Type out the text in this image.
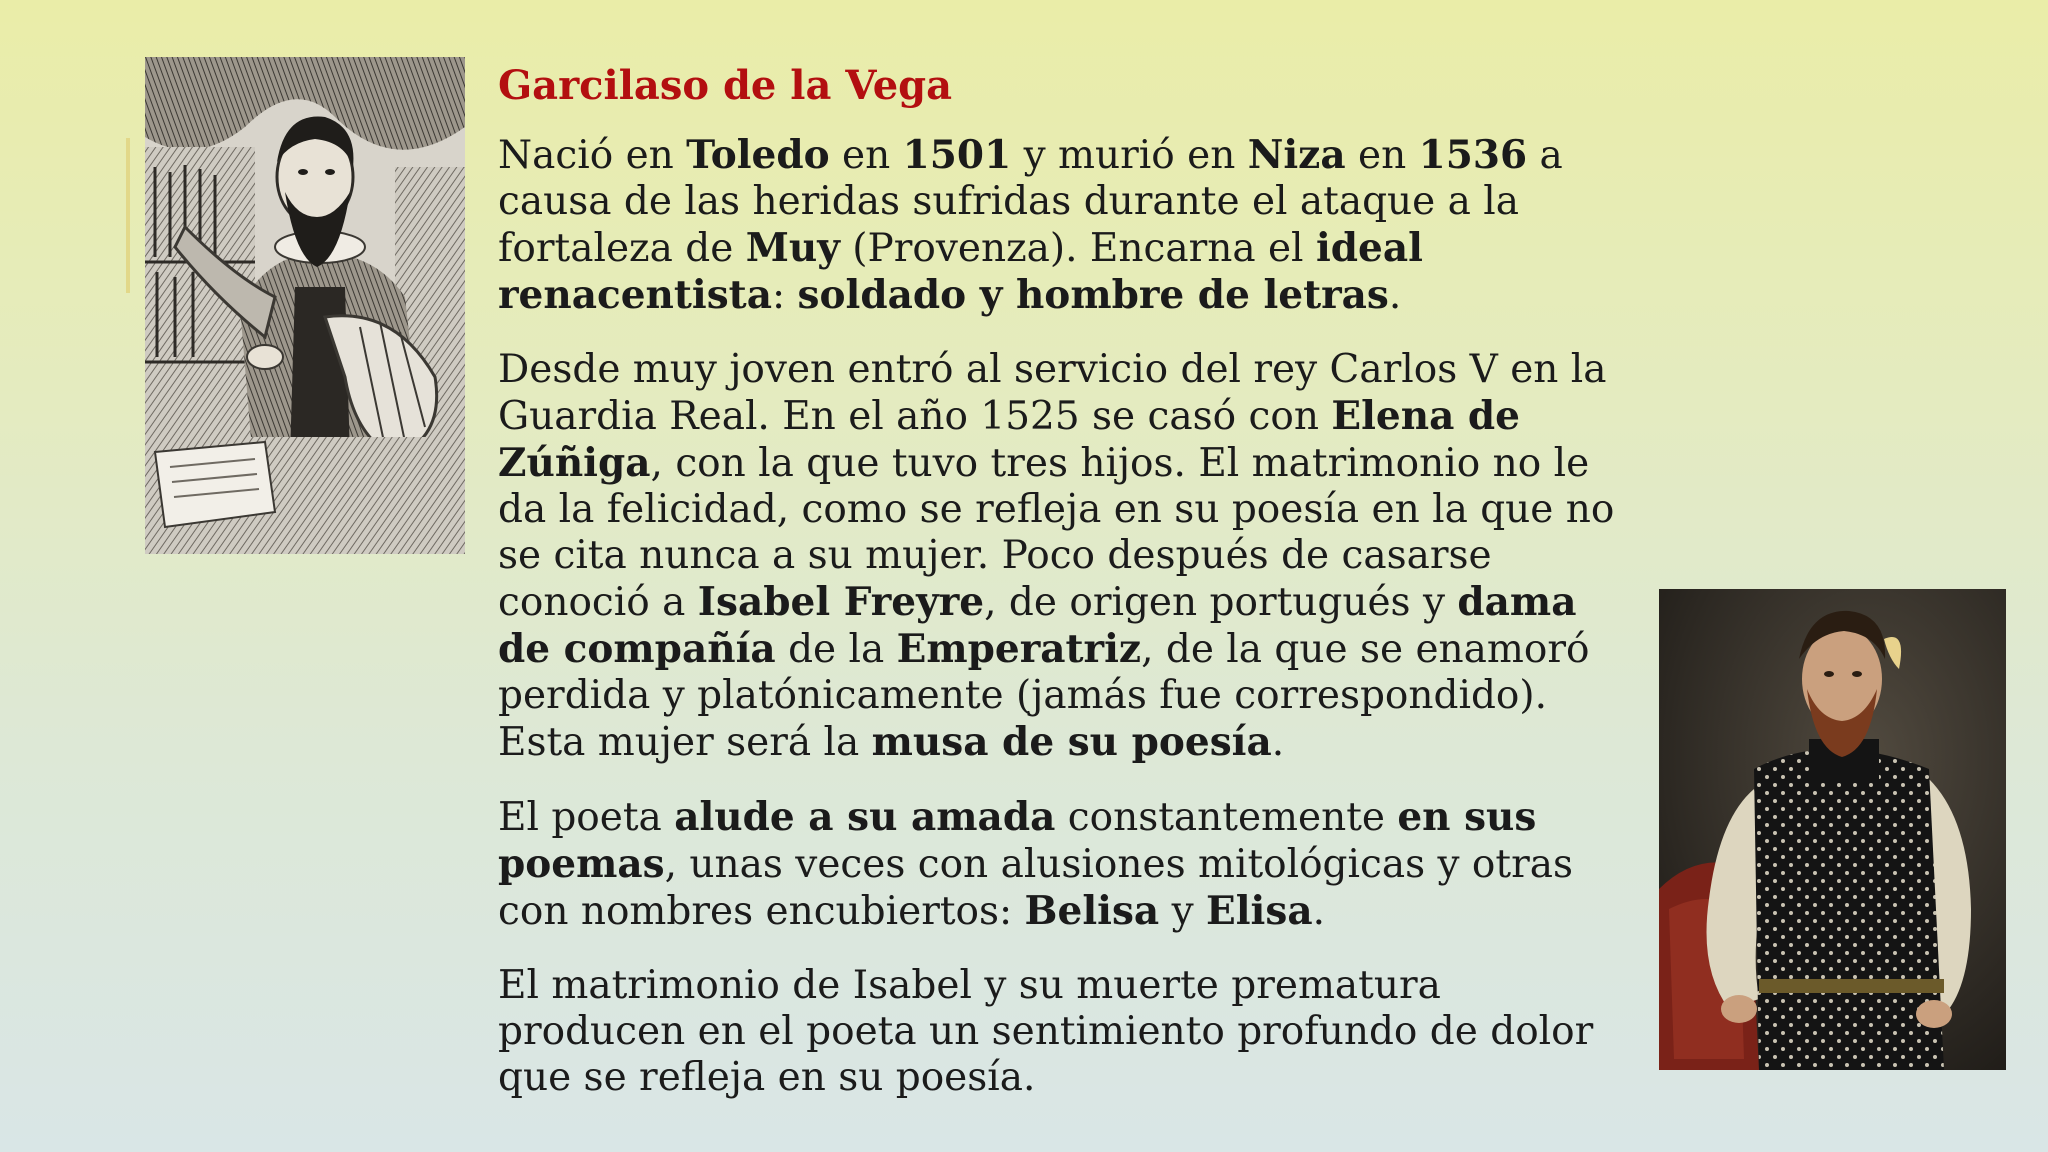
Garcilaso de la Vega

Nació en Toledo en 1501 y murió en Niza en 1536 a causa de las heridas sufridas durante el ataque a la fortaleza de Muy (Provenza). Encarna el ideal renacentista: soldado y hombre de letras.

Desde muy joven entró al servicio del rey Carlos V en la Guardia Real. En el año 1525 se casó con Elena de Zúñiga, con la que tuvo tres hijos. El matrimonio no le da la felicidad, como se refleja en su poesía en la que no se cita nunca a su mujer. Poco después de casarse conoció a Isabel Freyre, de origen portugués y dama de compañía de la Emperatriz, de la que se enamoró perdida y platónicamente (jamás fue correspondido). Esta mujer será la musa de su poesía.

El poeta alude a su amada constantemente en sus poemas, unas veces con alusiones mitológicas y otras con nombres encubiertos: Belisa y Elisa.

El matrimonio de Isabel y su muerte prematura producen en el poeta un sentimiento profundo de dolor que se refleja en su poesía.
